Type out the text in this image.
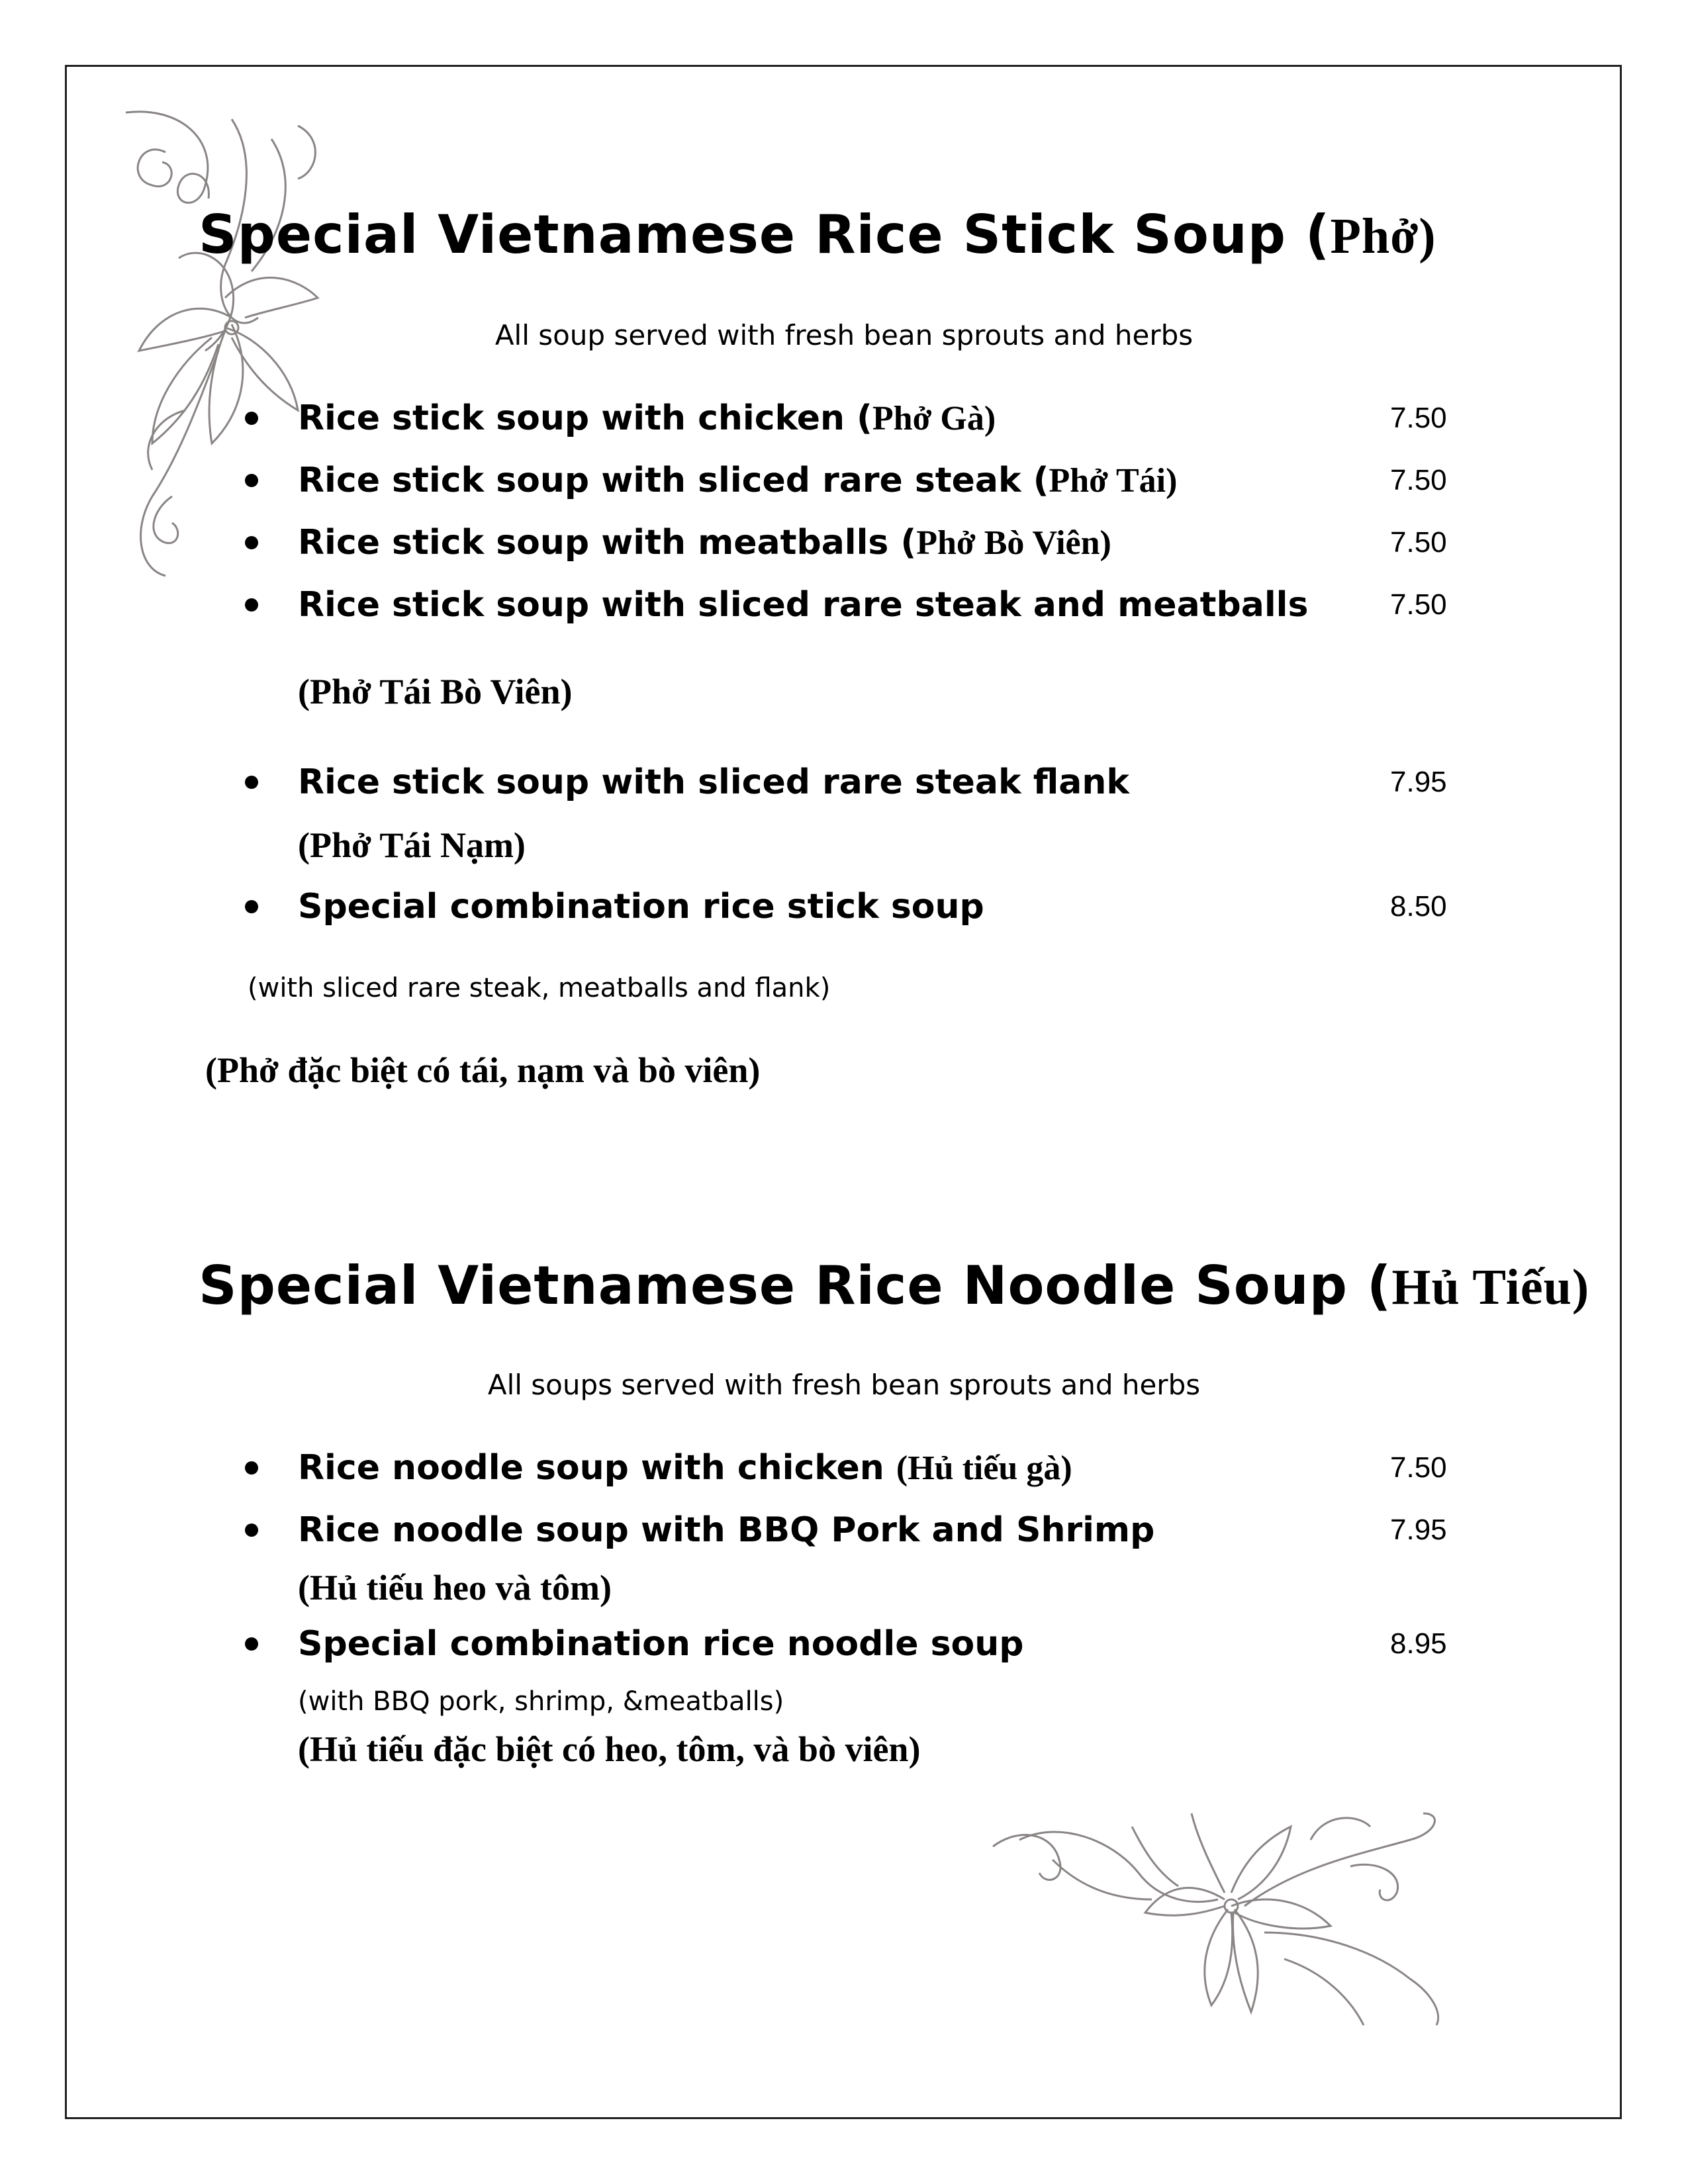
Special Vietnamese Rice Stick Soup (Phở)
All soup served with fresh bean sprouts and herbs
Rice stick soup with chicken (Phở Gà)	7.50
Rice stick soup with sliced rare steak (Phở Tái)	7.50
Rice stick soup with meatballs (Phở Bò Viên)	7.50
Rice stick soup with sliced rare steak and meatballs	7.50
(Phở Tái Bò Viên)
Rice stick soup with sliced rare steak flank	7.95
(Phở Tái Nạm)
Special combination rice stick soup	8.50
(with sliced rare steak, meatballs and flank)
(Phở đặc biệt có tái, nạm và bò viên)
Special Vietnamese Rice Noodle Soup (Hủ Tiếu)
All soups served with fresh bean sprouts and herbs
Rice noodle soup with chicken (Hủ tiếu gà)	7.50
Rice noodle soup with BBQ Pork and Shrimp	7.95
(Hủ tiếu heo và tôm)
Special combination rice noodle soup	8.95
(with BBQ pork, shrimp, &meatballs)
(Hủ tiếu đặc biệt có heo, tôm, và bò viên)
